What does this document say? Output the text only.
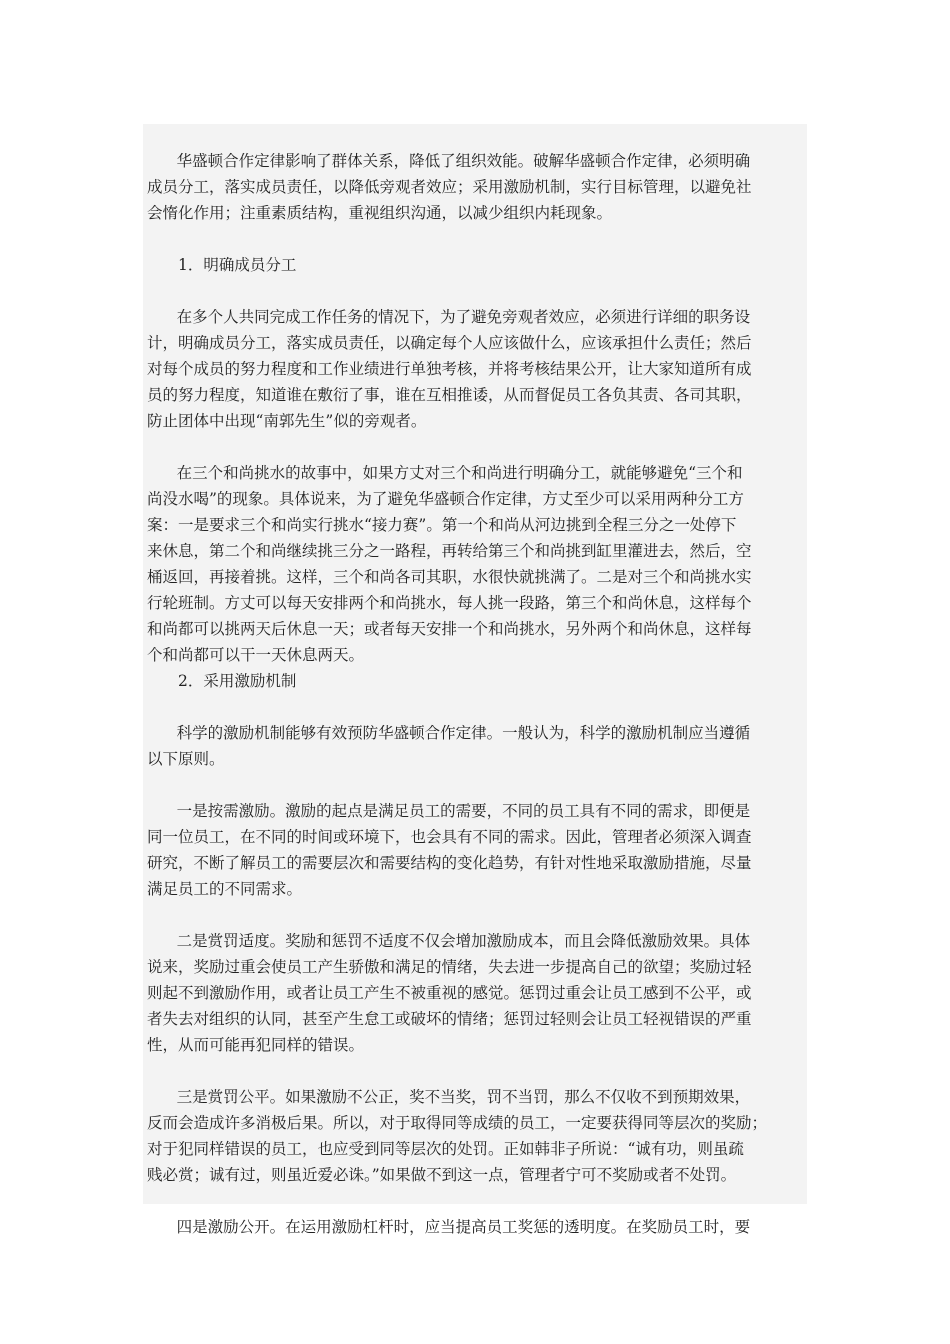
华盛顿合作定律影响了群体关系，降低了组织效能。破解华盛顿合作定律，必须明确
成员分工，落实成员责任，以降低旁观者效应；采用激励机制，实行目标管理，以避免社
会惰化作用；注重素质结构，重视组织沟通，以减少组织内耗现象。
1．明确成员分工
在多个人共同完成工作任务的情况下，为了避免旁观者效应，必须进行详细的职务设
计，明确成员分工，落实成员责任，以确定每个人应该做什么，应该承担什么责任；然后
对每个成员的努力程度和工作业绩进行单独考核，并将考核结果公开，让大家知道所有成
员的努力程度，知道谁在敷衍了事，谁在互相推诿，从而督促员工各负其责、各司其职，
防止团体中出现“南郭先生”似的旁观者。
在三个和尚挑水的故事中，如果方丈对三个和尚进行明确分工，就能够避免“三个和
尚没水喝”的现象。具体说来，为了避免华盛顿合作定律，方丈至少可以采用两种分工方
案：一是要求三个和尚实行挑水“接力赛”。第一个和尚从河边挑到全程三分之一处停下
来休息，第二个和尚继续挑三分之一路程，再转给第三个和尚挑到缸里灌进去，然后，空
桶返回，再接着挑。这样，三个和尚各司其职，水很快就挑满了。二是对三个和尚挑水实
行轮班制。方丈可以每天安排两个和尚挑水，每人挑一段路，第三个和尚休息，这样每个
和尚都可以挑两天后休息一天；或者每天安排一个和尚挑水，另外两个和尚休息，这样每
个和尚都可以干一天休息两天。
2．采用激励机制
科学的激励机制能够有效预防华盛顿合作定律。一般认为，科学的激励机制应当遵循
以下原则。
一是按需激励。激励的起点是满足员工的需要，不同的员工具有不同的需求，即便是
同一位员工，在不同的时间或环境下，也会具有不同的需求。因此，管理者必须深入调查
研究，不断了解员工的需要层次和需要结构的变化趋势，有针对性地采取激励措施，尽量
满足员工的不同需求。
二是赏罚适度。奖励和惩罚不适度不仅会增加激励成本，而且会降低激励效果。具体
说来，奖励过重会使员工产生骄傲和满足的情绪，失去进一步提高自己的欲望；奖励过轻
则起不到激励作用，或者让员工产生不被重视的感觉。惩罚过重会让员工感到不公平，或
者失去对组织的认同，甚至产生怠工或破坏的情绪；惩罚过轻则会让员工轻视错误的严重
性，从而可能再犯同样的错误。
三是赏罚公平。如果激励不公正，奖不当奖，罚不当罚，那么不仅收不到预期效果，
反而会造成许多消极后果。所以，对于取得同等成绩的员工，一定要获得同等层次的奖励；
对于犯同样错误的员工，也应受到同等层次的处罚。正如韩非子所说：“诚有功，则虽疏
贱必赏；诚有过，则虽近爱必诛。”如果做不到这一点，管理者宁可不奖励或者不处罚。
四是激励公开。在运用激励杠杆时，应当提高员工奖惩的透明度。在奖励员工时，要
